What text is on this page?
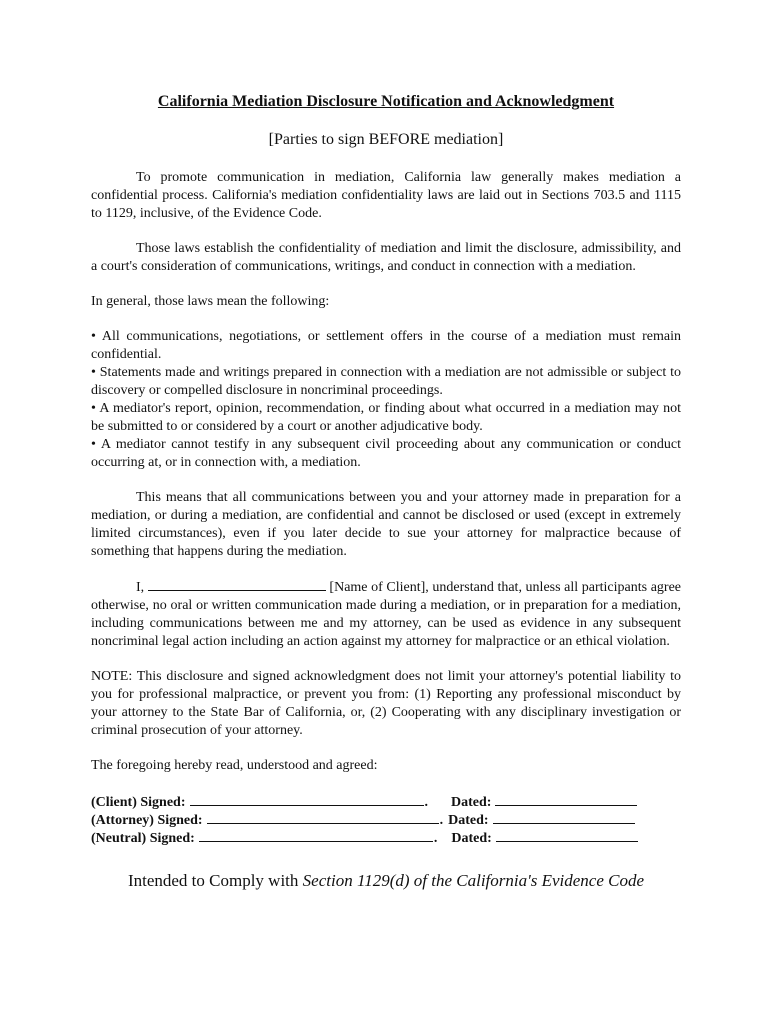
California Mediation Disclosure Notification and Acknowledgment

[Parties to sign BEFORE mediation]

To promote communication in mediation, California law generally makes mediation a confidential process. California's mediation confidentiality laws are laid out in Sections 703.5 and 1115 to 1129, inclusive, of the Evidence Code.

Those laws establish the confidentiality of mediation and limit the disclosure, admissibility, and a court's consideration of communications, writings, and conduct in connection with a mediation.

In general, those laws mean the following:

• All communications, negotiations, or settlement offers in the course of a mediation must remain confidential.

• Statements made and writings prepared in connection with a mediation are not admissible or subject to discovery or compelled disclosure in noncriminal proceedings.

• A mediator's report, opinion, recommendation, or finding about what occurred in a mediation may not be submitted to or considered by a court or another adjudicative body.

• A mediator cannot testify in any subsequent civil proceeding about any communication or conduct occurring at, or in connection with, a mediation.

This means that all communications between you and your attorney made in preparation for a mediation, or during a mediation, are confidential and cannot be disclosed or used (except in extremely limited circumstances), even if you later decide to sue your attorney for malpractice because of something that happens during the mediation.

I,	[Name of Client], understand that, unless all participants agree otherwise, no oral or written communication made during a mediation, or in preparation for a mediation, including communications between me and my attorney, can be used as evidence in any subsequent noncriminal legal action including an action against my attorney for malpractice or an ethical violation.

NOTE: This disclosure and signed acknowledgment does not limit your attorney's potential liability to you for professional malpractice, or prevent you from: (1) Reporting any professional misconduct by your attorney to the State Bar of California, or, (2) Cooperating with any disciplinary investigation or criminal prosecution of your attorney.

The foregoing hereby read, understood and agreed:

(Client) Signed:	. Dated:
(Attorney) Signed:	. Dated:
(Neutral) Signed:	. Dated:

Intended to Comply with Section 1129(d) of the California's Evidence Code
